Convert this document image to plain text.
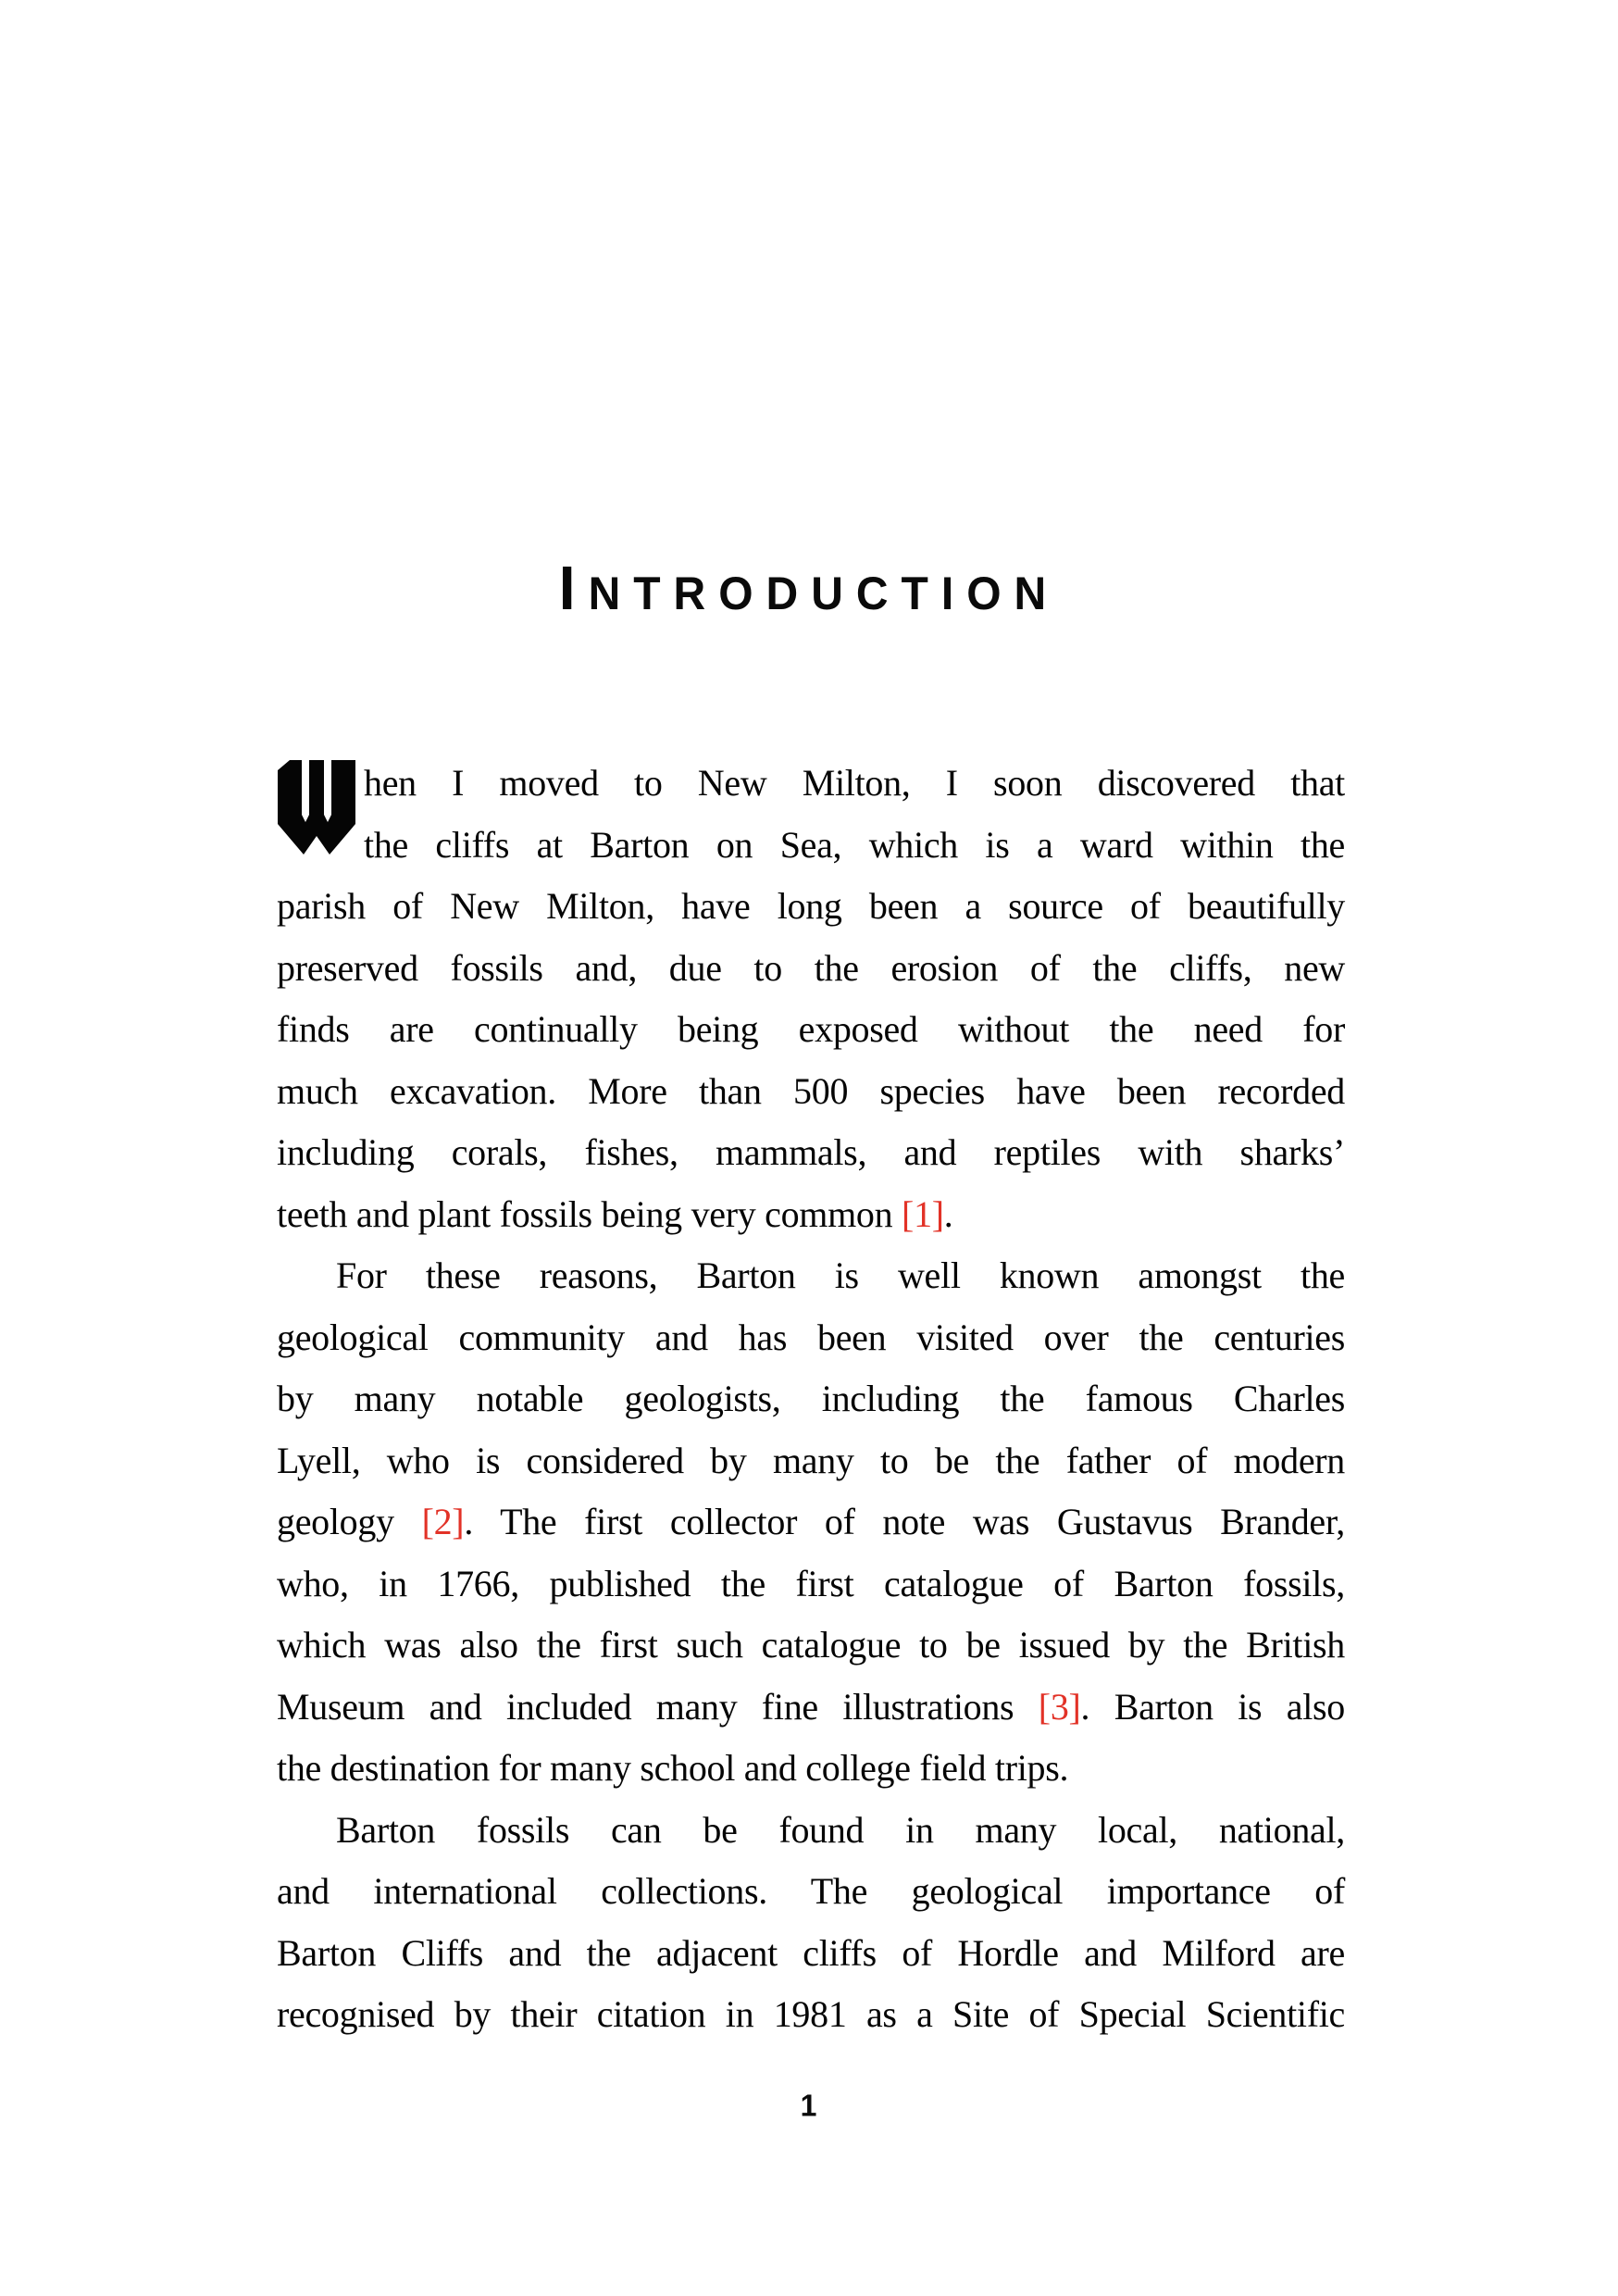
INTRODUCTION
hen I moved to New Milton, I soon discovered that
the cliffs at Barton on Sea, which is a ward within the
parish of New Milton, have long been a source of beautifully
preserved fossils and, due to the erosion of the cliffs, new
finds are continually being exposed without the need for
much excavation. More than 500 species have been recorded
including corals, fishes, mammals, and reptiles with sharks’
teeth and plant fossils being very common [1].
For these reasons, Barton is well known amongst the
geological community and has been visited over the centuries
by many notable geologists, including the famous Charles
Lyell, who is considered by many to be the father of modern
geology [2]. The first collector of note was Gustavus Brander,
who, in 1766, published the first catalogue of Barton fossils,
which was also the first such catalogue to be issued by the British
Museum and included many fine illustrations [3]. Barton is also
the destination for many school and college field trips.
Barton fossils can be found in many local, national,
and international collections. The geological importance of
Barton Cliffs and the adjacent cliffs of Hordle and Milford are
recognised by their citation in 1981 as a Site of Special Scientific
1
